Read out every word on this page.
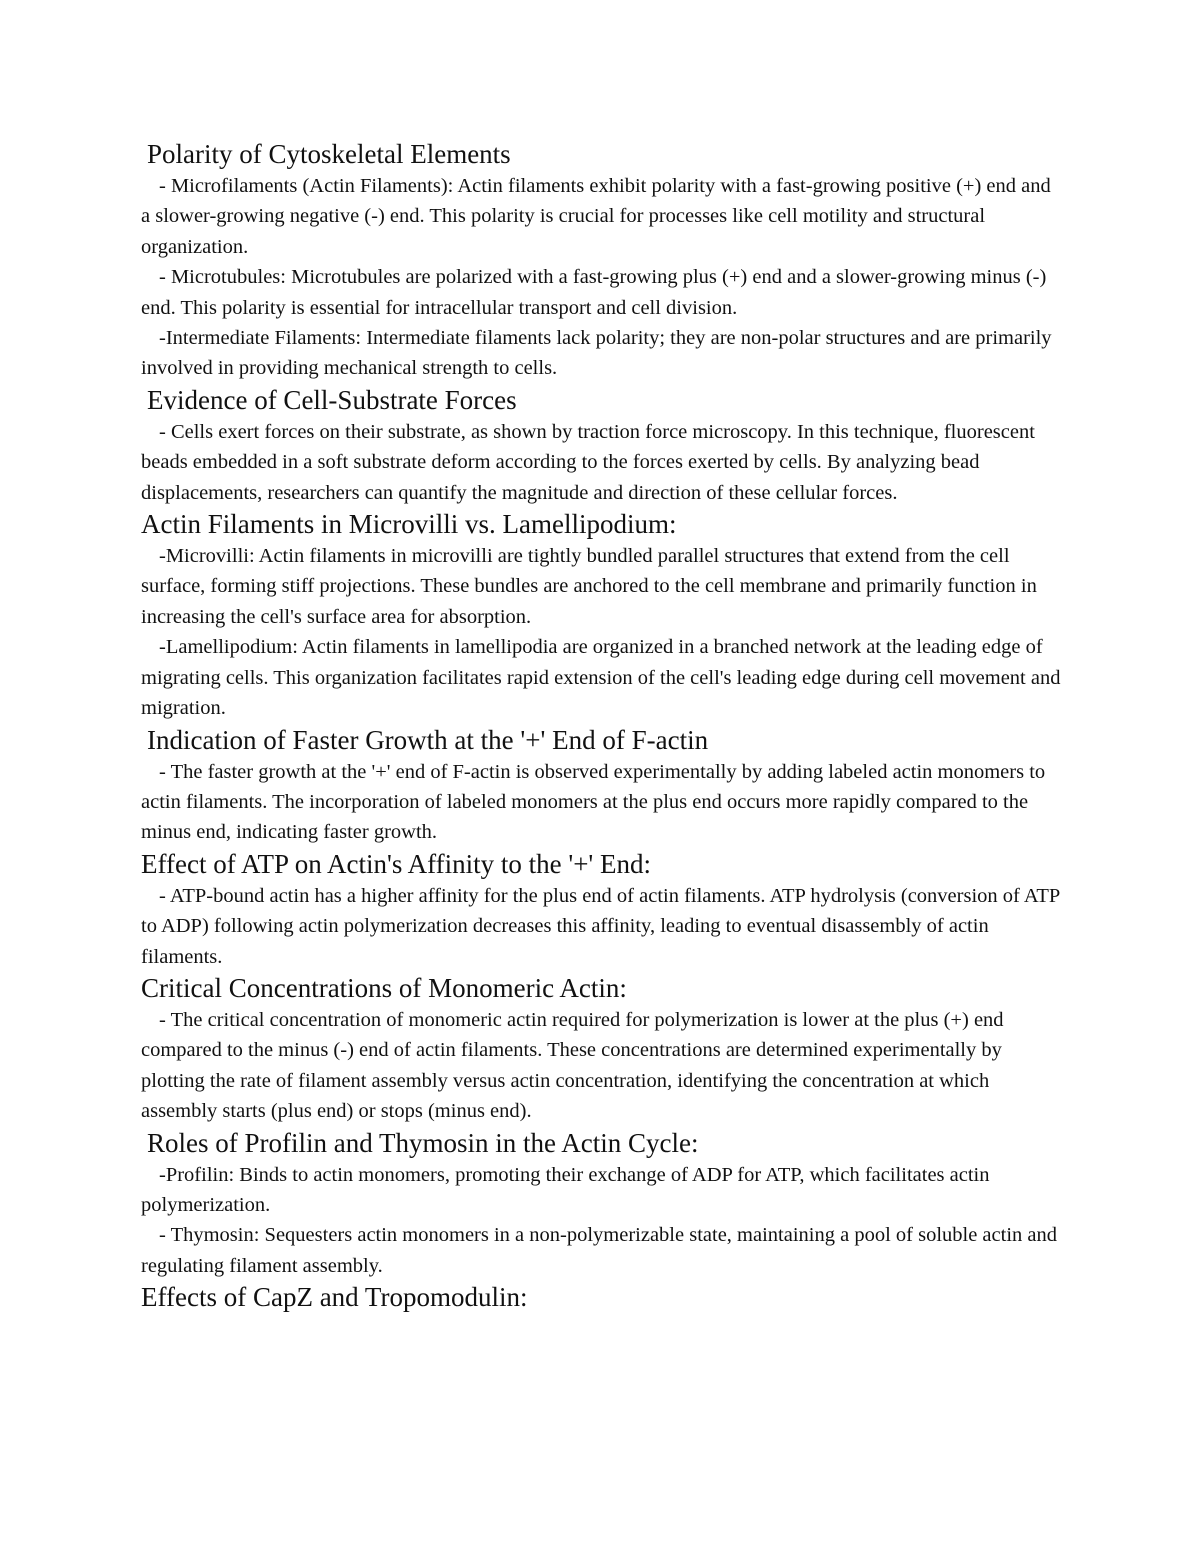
Polarity of Cytoskeletal Elements

- Microfilaments (Actin Filaments): Actin filaments exhibit polarity with a fast-growing positive (+) end and a slower-growing negative (-) end. This polarity is crucial for processes like cell motility and structural organization.

- Microtubules: Microtubules are polarized with a fast-growing plus (+) end and a slower-growing minus (-) end. This polarity is essential for intracellular transport and cell division.

-Intermediate Filaments: Intermediate filaments lack polarity; they are non-polar structures and are primarily involved in providing mechanical strength to cells.

Evidence of Cell-Substrate Forces

- Cells exert forces on their substrate, as shown by traction force microscopy. In this technique, fluorescent beads embedded in a soft substrate deform according to the forces exerted by cells. By analyzing bead displacements, researchers can quantify the magnitude and direction of these cellular forces.

Actin Filaments in Microvilli vs. Lamellipodium:

-Microvilli: Actin filaments in microvilli are tightly bundled parallel structures that extend from the cell surface, forming stiff projections. These bundles are anchored to the cell membrane and primarily function in increasing the cell's surface area for absorption.

-Lamellipodium: Actin filaments in lamellipodia are organized in a branched network at the leading edge of migrating cells. This organization facilitates rapid extension of the cell's leading edge during cell movement and migration.

Indication of Faster Growth at the '+' End of F-actin

- The faster growth at the '+' end of F-actin is observed experimentally by adding labeled actin monomers to actin filaments. The incorporation of labeled monomers at the plus end occurs more rapidly compared to the minus end, indicating faster growth.

Effect of ATP on Actin's Affinity to the '+' End:

- ATP-bound actin has a higher affinity for the plus end of actin filaments. ATP hydrolysis (conversion of ATP to ADP) following actin polymerization decreases this affinity, leading to eventual disassembly of actin filaments.

Critical Concentrations of Monomeric Actin:

- The critical concentration of monomeric actin required for polymerization is lower at the plus (+) end compared to the minus (-) end of actin filaments. These concentrations are determined experimentally by plotting the rate of filament assembly versus actin concentration, identifying the concentration at which assembly starts (plus end) or stops (minus end).

Roles of Profilin and Thymosin in the Actin Cycle:

-Profilin: Binds to actin monomers, promoting their exchange of ADP for ATP, which facilitates actin polymerization.

- Thymosin: Sequesters actin monomers in a non-polymerizable state, maintaining a pool of soluble actin and regulating filament assembly.

Effects of CapZ and Tropomodulin:
